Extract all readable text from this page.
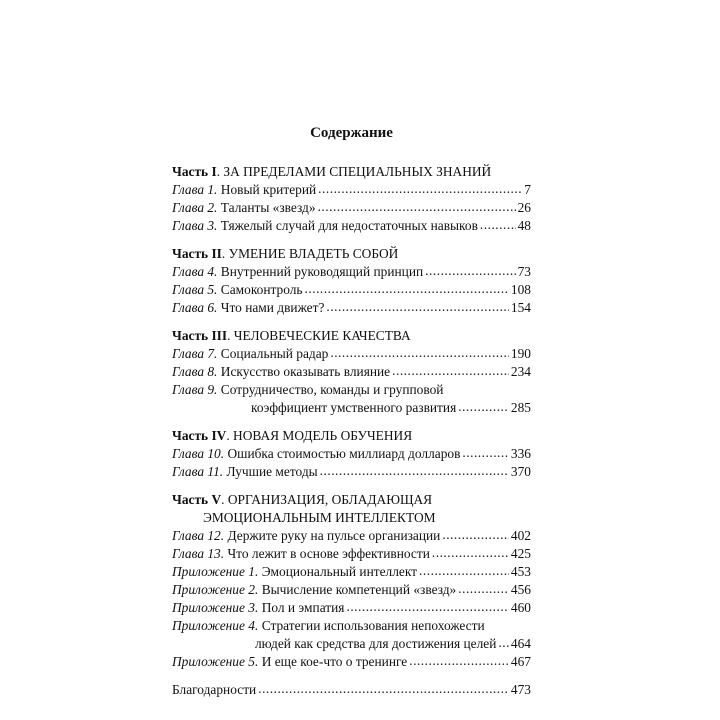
Содержание
Часть I. ЗА ПРЕДЕЛАМИ СПЕЦИАЛЬНЫХ ЗНАНИЙ
Глава 1. Новый критерий .....	7
Глава 2. Таланты «звезд» .....	26
Глава 3. Тяжелый случай для недостаточных навыков .....	48
Часть II. УМЕНИЕ ВЛАДЕТЬ СОБОЙ
Глава 4. Внутренний руководящий принцип .....	73
Глава 5. Самоконтроль .....	108
Глава 6. Что нами движет? .....	154
Часть III. ЧЕЛОВЕЧЕСКИЕ КАЧЕСТВА
Глава 7. Социальный радар .....	190
Глава 8. Искусство оказывать влияние .....	234
Глава 9. Сотрудничество, команды и групповой
коэффициент умственного развития .....	285
Часть IV. НОВАЯ МОДЕЛЬ ОБУЧЕНИЯ
Глава 10. Ошибка стоимостью миллиард долларов .....	336
Глава 11. Лучшие методы .....	370
Часть V. ОРГАНИЗАЦИЯ, ОБЛАДАЮЩАЯ
ЭМОЦИОНАЛЬНЫМ ИНТЕЛЛЕКТОМ
Глава 12. Держите руку на пульсе организации .....	402
Глава 13. Что лежит в основе эффективности .....	425
Приложение 1. Эмоциональный интеллект .....	453
Приложение 2. Вычисление компетенций «звезд» .....	456
Приложение 3. Пол и эмпатия .....	460
Приложение 4. Стратегии использования непохожести
людей как средства для достижения целей ..... 464
Приложение 5. И еще кое-что о тренинге .....	467
Благодарности .....	473
